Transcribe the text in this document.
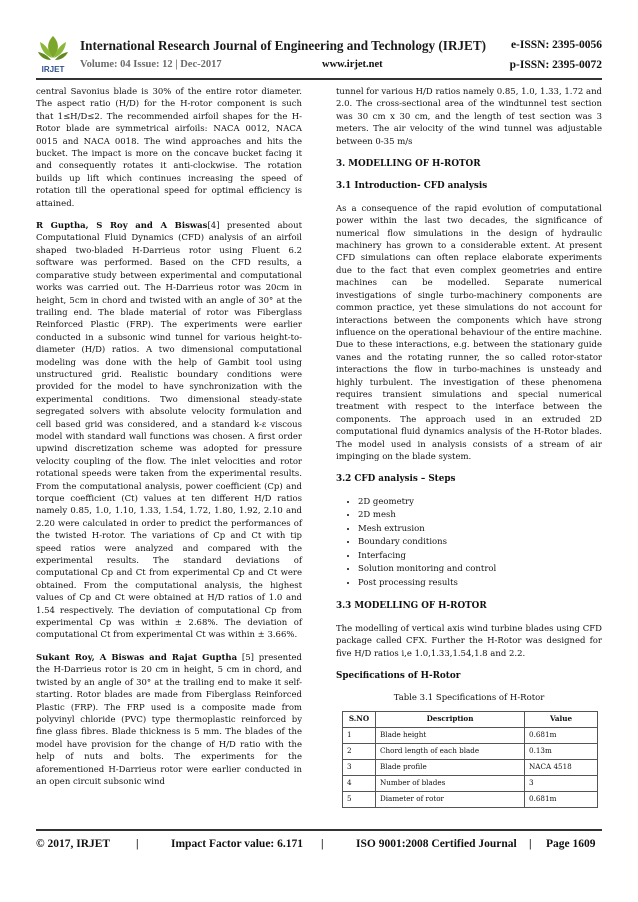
IRJET
International Research Journal of Engineering and Technology (IRJET) e-ISSN: 2395-0056
Volume: 04 Issue: 12 | Dec-2017	www.irjet.net	p-ISSN: 2395-0072

central Savonius blade is 30% of the entire rotor diameter. The aspect ratio (H/D) for the H-rotor component is such that 1≤H/D≤2. The recommended airfoil shapes for the H-Rotor blade are symmetrical airfoils: NACA 0012, NACA 0015 and NACA 0018. The wind approaches and hits the bucket. The impact is more on the concave bucket facing it and consequently rotates it anti-clockwise. The rotation builds up lift which continues increasing the speed of rotation till the operational speed for optimal efficiency is attained.

R Guptha, S Roy and A Biswas[4] presented about Computational Fluid Dynamics (CFD) analysis of an airfoil shaped two-bladed H-Darrieus rotor using Fluent 6.2 software was performed. Based on the CFD results, a comparative study between experimental and computational works was carried out. The H-Darrieus rotor was 20cm in height, 5cm in chord and twisted with an angle of 30° at the trailing end. The blade material of rotor was Fiberglass Reinforced Plastic (FRP). The experiments were earlier conducted in a subsonic wind tunnel for various height-to-diameter (H/D) ratios. A two dimensional computational modeling was done with the help of Gambit tool using unstructured grid. Realistic boundary conditions were provided for the model to have synchronization with the experimental conditions. Two dimensional steady-state segregated solvers with absolute velocity formulation and cell based grid was considered, and a standard k-ε viscous model with standard wall functions was chosen. A first order upwind discretization scheme was adopted for pressure velocity coupling of the flow. The inlet velocities and rotor rotational speeds were taken from the experimental results. From the computational analysis, power coefficient (Cp) and torque coefficient (Ct) values at ten different H/D ratios namely 0.85, 1.0, 1.10, 1.33, 1.54, 1.72, 1.80, 1.92, 2.10 and 2.20 were calculated in order to predict the performances of the twisted H-rotor. The variations of Cp and Ct with tip speed ratios were analyzed and compared with the experimental results. The standard deviations of computational Cp and Ct from experimental Cp and Ct were obtained. From the computational analysis, the highest values of Cp and Ct were obtained at H/D ratios of 1.0 and 1.54 respectively. The deviation of computational Cp from experimental Cp was within ± 2.68%. The deviation of computational Ct from experimental Ct was within ± 3.66%.

Sukant Roy, A Biswas and Rajat Guptha [5] presented the H-Darrieus rotor is 20 cm in height, 5 cm in chord, and twisted by an angle of 30° at the trailing end to make it self-starting. Rotor blades are made from Fiberglass Reinforced Plastic (FRP). The FRP used is a composite made from polyvinyl chloride (PVC) type thermoplastic reinforced by fine glass fibres. Blade thickness is 5 mm. The blades of the model have provision for the change of H/D ratio with the help of nuts and bolts. The experiments for the aforementioned H-Darrieus rotor were earlier conducted in an open circuit subsonic wind

tunnel for various H/D ratios namely 0.85, 1.0, 1.33, 1.72 and 2.0. The cross-sectional area of the windtunnel test section was 30 cm x 30 cm, and the length of test section was 3 meters. The air velocity of the wind tunnel was adjustable between 0-35 m/s

3. MODELLING OF H-ROTOR
3.1 Introduction- CFD analysis

As a consequence of the rapid evolution of computational power within the last two decades, the significance of numerical flow simulations in the design of hydraulic machinery has grown to a considerable extent. At present CFD simulations can often replace elaborate experiments due to the fact that even complex geometries and entire machines can be modelled. Separate numerical investigations of single turbo-machinery components are common practice, yet these simulations do not account for interactions between the components which have strong influence on the operational behaviour of the entire machine. Due to these interactions, e.g. between the stationary guide vanes and the rotating runner, the so called rotor-stator interactions the flow in turbo-machines is unsteady and highly turbulent. The investigation of these phenomena requires transient simulations and special numerical treatment with respect to the interface between the components. The approach used in an extruded 2D computational fluid dynamics analysis of the H-Rotor blades. The model used in analysis consists of a stream of air impinging on the blade system.

3.2 CFD analysis – Steps
• 2D geometry
• 2D mesh
• Mesh extrusion
• Boundary conditions
• Interfacing
• Solution monitoring and control
• Post processing results
3.3 MODELLING OF H-ROTOR

The modelling of vertical axis wind turbine blades using CFD package called CFX. Further the H-Rotor was designed for five H/D ratios i,e 1.0,1.33,1.54,1.8 and 2.2.

Specifications of H-Rotor
Table 3.1 Specifications of H-Rotor
S.NO	Description	Value
1	Blade height	0.681m
2	Chord length of each blade	0.13m
3	Blade profile	NACA 4518
4	Number of blades	3
5	Diameter of rotor	0.681m
© 2017, IRJET |	Impact Factor value: 6.171 |	ISO 9001:2008 Certified Journal | Page 1609
